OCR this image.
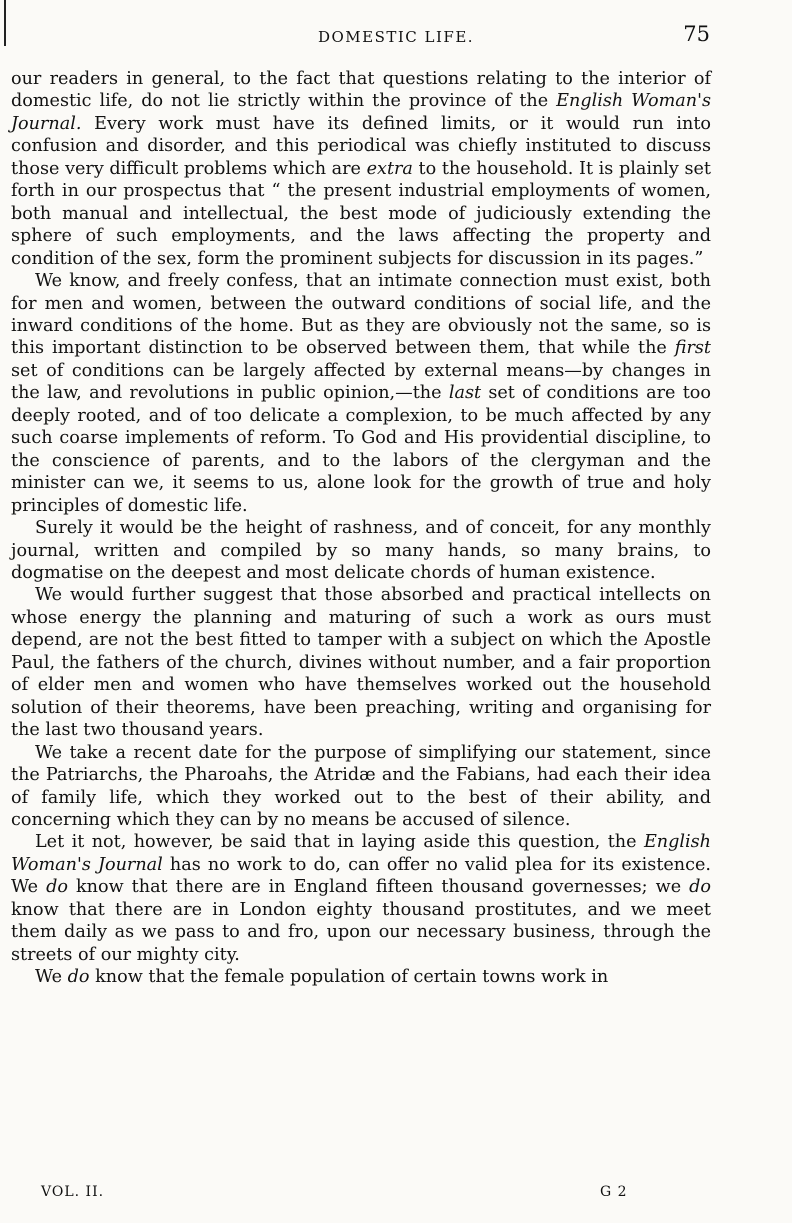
DOMESTIC LIFE.	75

our readers in general, to the fact that questions relating to the interior of domestic life, do not lie strictly within the province of the English Woman's Journal. Every work must have its defined limits, or it would run into confusion and disorder, and this periodical was chiefly instituted to discuss those very difficult problems which are extra to the household. It is plainly set forth in our prospectus that “ the present industrial employments of women, both manual and intellectual, the best mode of judiciously extending the sphere of such employments, and the laws affecting the property and condition of the sex, form the prominent subjects for discussion in its pages.”

We know, and freely confess, that an intimate connection must exist, both for men and women, between the outward conditions of social life, and the inward conditions of the home. But as they are obviously not the same, so is this important distinction to be observed between them, that while the first set of conditions can be largely affected by external means—by changes in the law, and revolutions in public opinion,—the last set of conditions are too deeply rooted, and of too delicate a complexion, to be much affected by any such coarse implements of reform. To God and His providential discipline, to the conscience of parents, and to the labors of the clergyman and the minister can we, it seems to us, alone look for the growth of true and holy principles of domestic life.

Surely it would be the height of rashness, and of conceit, for any monthly journal, written and compiled by so many hands, so many brains, to dogmatise on the deepest and most delicate chords of human existence.

We would further suggest that those absorbed and practical intellects on whose energy the planning and maturing of such a work as ours must depend, are not the best fitted to tamper with a subject on which the Apostle Paul, the fathers of the church, divines without number, and a fair proportion of elder men and women who have themselves worked out the household solution of their theorems, have been preaching, writing and organising for the last two thousand years.

We take a recent date for the purpose of simplifying our statement, since the Patriarchs, the Pharoahs, the Atridæ and the Fabians, had each their idea of family life, which they worked out to the best of their ability, and concerning which they can by no means be accused of silence.

Let it not, however, be said that in laying aside this question, the English Woman's Journal has no work to do, can offer no valid plea for its existence. We do know that there are in England fifteen thousand governesses; we do know that there are in London eighty thousand prostitutes, and we meet them daily as we pass to and fro, upon our necessary business, through the streets of our mighty city.

We do know that the female population of certain towns work in

VOL. II.	G 2
